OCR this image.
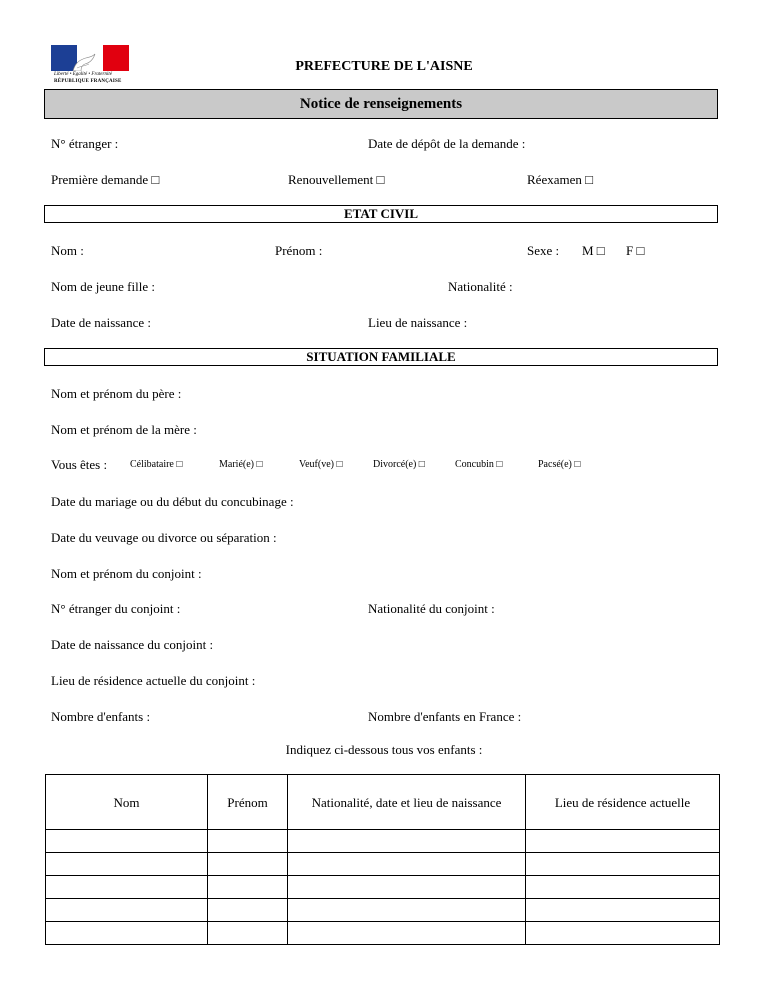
Liberté • Égalité • Fraternité
RÉPUBLIQUE FRANÇAISE
PREFECTURE DE L'AISNE
Notice de renseignements
N° étranger :	Date de dépôt de la demande :
Première demande □	Renouvellement □	Réexamen □
ETAT CIVIL
Nom :	Prénom :	Sexe : M □ F □
Nom de jeune fille :	Nationalité :
Date de naissance :	Lieu de naissance :
SITUATION FAMILIALE
Nom et prénom du père :
Nom et prénom de la mère :
Vous êtes : Célibataire □	Marié(e) □	Veuf(ve) □	Divorcé(e) □	Concubin □	Pacsé(e) □
Date du mariage ou du début du concubinage :
Date du veuvage ou divorce ou séparation :
Nom et prénom du conjoint :
N° étranger du conjoint :	Nationalité du conjoint :
Date de naissance du conjoint :
Lieu de résidence actuelle du conjoint :
Nombre d'enfants :	Nombre d'enfants en France :
Indiquez ci-dessous tous vos enfants :
Nom	Prénom	Nationalité, date et lieu de naissance	Lieu de résidence actuelle
